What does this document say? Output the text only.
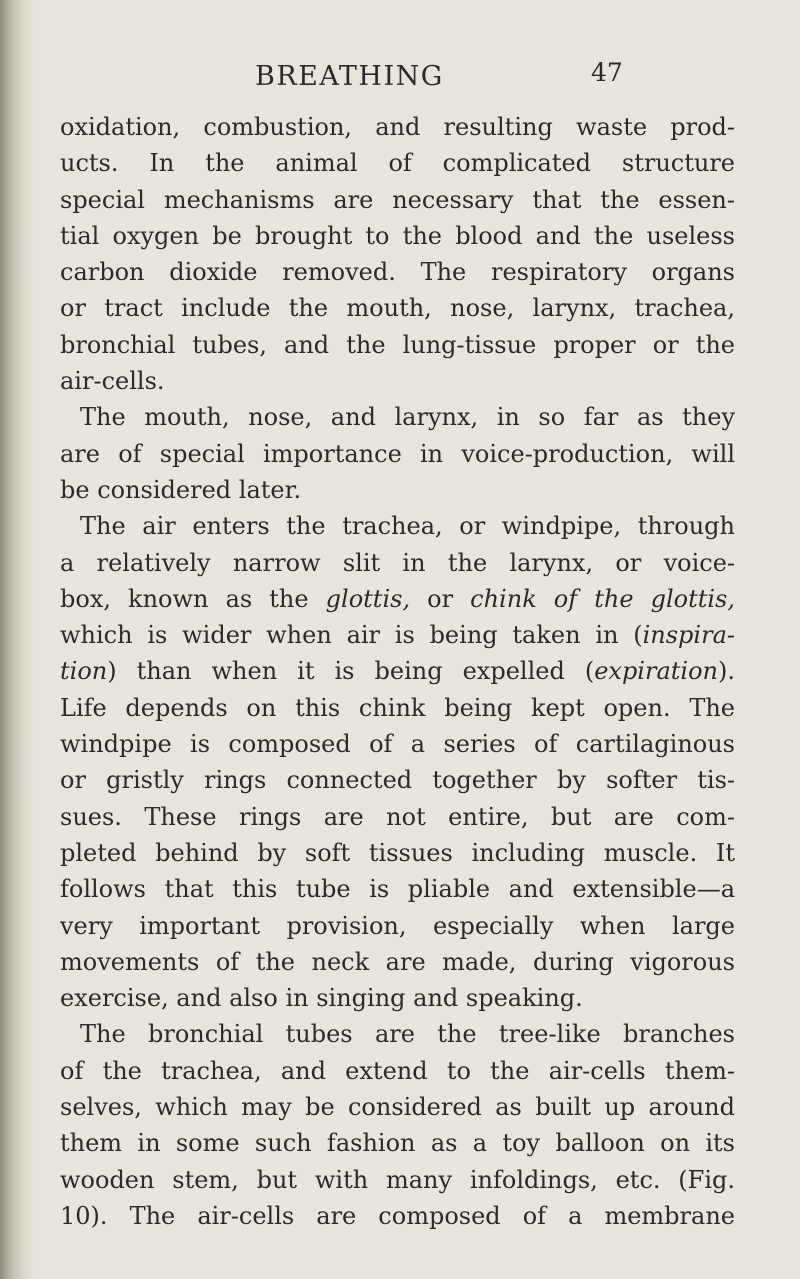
BREATHING	47
oxidation, combustion, and resulting waste prod-
ucts. In the animal of complicated structure
special mechanisms are necessary that the essen-
tial oxygen be brought to the blood and the useless
carbon dioxide removed. The respiratory organs
or tract include the mouth, nose, larynx, trachea,
bronchial tubes, and the lung-tissue proper or the
air-cells.
The mouth, nose, and larynx, in so far as they
are of special importance in voice-production, will
be considered later.
The air enters the trachea, or windpipe, through
a relatively narrow slit in the larynx, or voice-
box, known as the glottis, or chink of the glottis,
which is wider when air is being taken in (inspira-
tion) than when it is being expelled (expiration).
Life depends on this chink being kept open. The
windpipe is composed of a series of cartilaginous
or gristly rings connected together by softer tis-
sues. These rings are not entire, but are com-
pleted behind by soft tissues including muscle. It
follows that this tube is pliable and extensible—a
very important provision, especially when large
movements of the neck are made, during vigorous
exercise, and also in singing and speaking.
The bronchial tubes are the tree-like branches
of the trachea, and extend to the air-cells them-
selves, which may be considered as built up around
them in some such fashion as a toy balloon on its
wooden stem, but with many infoldings, etc. (Fig.
10). The air-cells are composed of a membrane
